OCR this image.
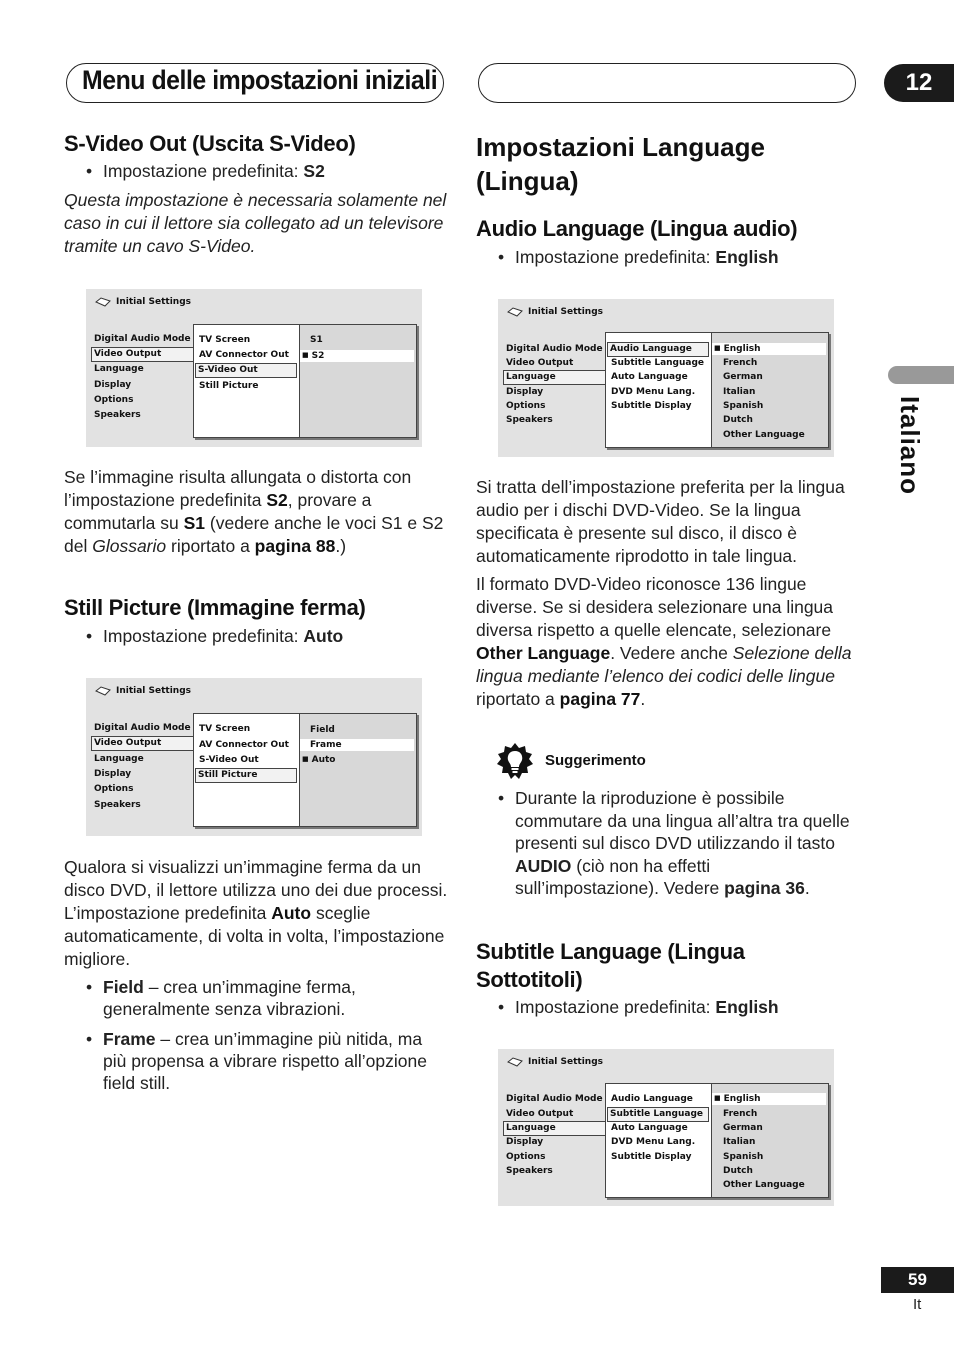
Menu delle impostazioni iniziali	12
Italiano
S-Video Out (Uscita S-Video)
• Impostazione predefinita: S2
Questa impostazione è necessaria solamente nel caso in cui il lettore sia collegato ad un televisore tramite un cavo S-Video.
Initial Settings
Digital Audio Mode
Video Output
Language
Display
Options
Speakers
TV Screen
AV Connector Out
S-Video Out
Still Picture
S1
■ S2
Se l’immagine risulta allungata o distorta con l’impostazione predefinita S2, provare a commutarla su S1 (vedere anche le voci S1 e S2 del Glossario riportato a pagina 88.)
Still Picture (Immagine ferma)
• Impostazione predefinita: Auto
Initial Settings
Digital Audio Mode
Video Output
Language
Display
Options
Speakers
TV Screen
AV Connector Out
S-Video Out
Still Picture
Field
Frame
■ Auto
Qualora si visualizzi un’immagine ferma da un disco DVD, il lettore utilizza uno dei due processi. L’impostazione predefinita Auto sceglie automaticamente, di volta in volta, l’impostazione migliore.
• Field – crea un’immagine ferma, generalmente senza vibrazioni.
• Frame – crea un’immagine più nitida, ma più propensa a vibrare rispetto all’opzione field still.
Impostazioni Language (Lingua)
Audio Language (Lingua audio)
• Impostazione predefinita: English
Initial Settings
Digital Audio Mode
Video Output
Language
Display
Options
Speakers
Audio Language
Subtitle Language
Auto Language
DVD Menu Lang.
Subtitle Display
■ English
French
German
Italian
Spanish
Dutch
Other Language
Si tratta dell’impostazione preferita per la lingua audio per i dischi DVD-Video. Se la lingua specificata è presente sul disco, il disco è automaticamente riprodotto in tale lingua.
Il formato DVD-Video riconosce 136 lingue diverse. Se si desidera selezionare una lingua diversa rispetto a quelle elencate, selezionare Other Language. Vedere anche Selezione della lingua mediante l’elenco dei codici delle lingue riportato a pagina 77.
Suggerimento
• Durante la riproduzione è possibile commutare da una lingua all’altra tra quelle presenti sul disco DVD utilizzando il tasto AUDIO (ciò non ha effetti sull’impostazione). Vedere pagina 36.
Subtitle Language (Lingua Sottotitoli)
• Impostazione predefinita: English
Initial Settings
Digital Audio Mode
Video Output
Language
Display
Options
Speakers
Audio Language
Subtitle Language
Auto Language
DVD Menu Lang.
Subtitle Display
■ English
French
German
Italian
Spanish
Dutch
Other Language
59
It
